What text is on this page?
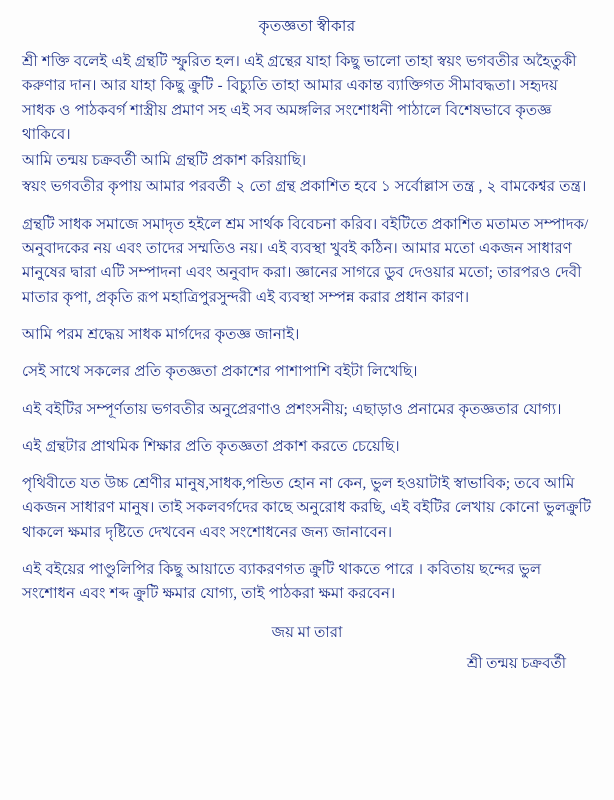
কৃতজ্ঞতা স্বীকার

শ্রী শক্তি বলেই এই গ্রন্থটি স্ফুরিত হল। এই গ্রন্থের যাহা কিছু ভালো তাহা স্বয়ং ভগবতীর অহৈতুকী করুণার দান। আর যাহা কিছু ক্রুটি - বিচ্যুতি তাহা আমার একান্ত ব্যাক্তিগত সীমাবদ্ধতা। সহৃদয় সাধক ও পাঠকবর্গ শাস্ত্রীয় প্রমাণ সহ এই সব অমঙ্গলির সংশোধনী পাঠালে বিশেষভাবে কৃতজ্ঞ থাকিবে।

আমি তন্ময় চক্রবর্তী আমি গ্রন্থটি প্রকাশ করিয়াছি।

স্বয়ং ভগবতীর কৃপায় আমার পরবর্তী ২ তো গ্রন্থ প্রকাশিত হবে ১ সর্বোল্লাস তন্ত্র , ২ বামকেশ্বর তন্ত্র।

গ্রন্থটি সাধক সমাজে সমাদৃত হইলে শ্রম সার্থক বিবেচনা করিব। বইটিতে প্রকাশিত মতামত সম্পাদক/অনুবাদকের নয় এবং তাদের সম্মতিও নয়। এই ব্যবস্থা খুবই কঠিন। আমার মতো একজন সাধারণ মানুষের দ্বারা এটি সম্পাদনা এবং অনুবাদ করা। জ্ঞানের সাগরে ডুব দেওয়ার মতো; তারপরও দেবী মাতার কৃপা, প্রকৃতি রূপ মহাত্রিপুরসুন্দরী এই ব্যবস্থা সম্পন্ন করার প্রধান কারণ।

আমি পরম শ্রদ্ধেয় সাধক মার্গদের কৃতজ্ঞ জানাই।

সেই সাথে সকলের প্রতি কৃতজ্ঞতা প্রকাশের পাশাপাশি বইটা লিখেছি।

এই বইটির সম্পূর্ণতায় ভগবতীর অনুপ্রেরণাও প্রশংসনীয়; এছাড়াও প্রনামের কৃতজ্ঞতার যোগ্য।

এই গ্রন্থটার প্রাথমিক শিক্ষার প্রতি কৃতজ্ঞতা প্রকাশ করতে চেয়েছি।

পৃথিবীতে যত উচ্চ শ্রেণীর মানুষ,সাধক,পন্ডিত হোন না কেন, ভুল হওয়াটাই স্বাভাবিক; তবে আমি একজন সাধারণ মানুষ। তাই সকলবর্গদের কাছে অনুরোধ করছি, এই বইটির লেখায় কোনো ভুলক্রুটি থাকলে ক্ষমার দৃষ্টিতে দেখবেন এবং সংশোধনের জন্য জানাবেন।

এই বইয়ের পাণ্ডুলিপির কিছু আয়াতে ব্যাকরণগত ক্রুটি থাকতে পারে । কবিতায় ছন্দের ভুল সংশোধন এবং শব্দ ক্রুটি ক্ষমার যোগ্য, তাই পাঠকরা ক্ষমা করবেন।

জয় মা তারা
শ্রী তন্ময় চক্রবর্তী
